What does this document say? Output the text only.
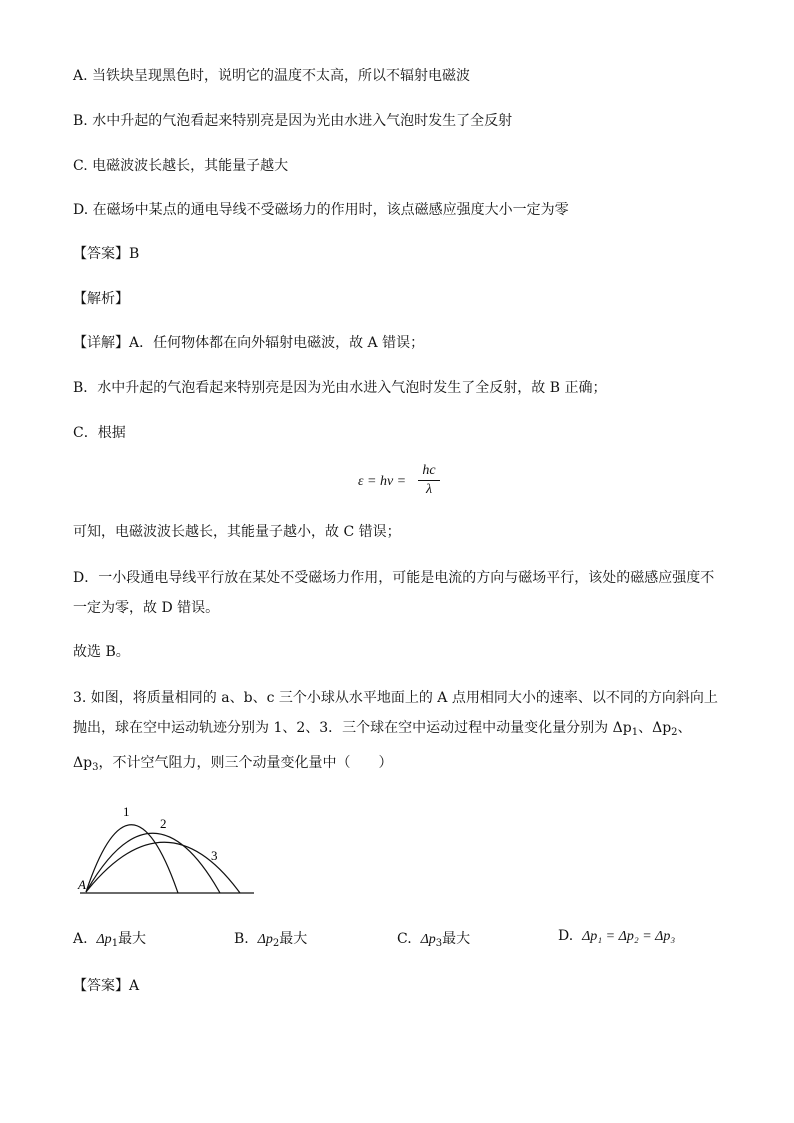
A. 当铁块呈现黑色时，说明它的温度不太高，所以不辐射电磁波
B. 水中升起的气泡看起来特别亮是因为光由水进入气泡时发生了全反射
C. 电磁波波长越长，其能量子越大
D. 在磁场中某点的通电导线不受磁场力的作用时，该点磁感应强度大小一定为零
【答案】B
【解析】
【详解】A．任何物体都在向外辐射电磁波，故 A 错误；
B．水中升起的气泡看起来特别亮是因为光由水进入气泡时发生了全反射，故 B 正确；
C．根据
$\varepsilon = h\nu = \frac{hc}{\lambda}$
可知，电磁波波长越长，其能量子越小，故 C 错误；
D．一小段通电导线平行放在某处不受磁场力作用，可能是电流的方向与磁场平行，该处的磁感应强度不一定为零，故 D 错误。
故选 B。
3. 如图，将质量相同的 a、b、c 三个小球从水平地面上的 A 点用相同大小的速率、以不同的方向斜向上抛出，球在空中运动轨迹分别为 1、2、3．三个球在空中运动过程中动量变化量分别为 $\Delta p_1$、$\Delta p_2$、$\Delta p_3$，不计空气阻力，则三个动量变化量中（　　）
A
1
2
3
A. $\Delta p_1$最大	B. $\Delta p_2$最大	C. $\Delta p_3$最大	D. Δp₁ = Δp₂ = Δp₃
【答案】A
